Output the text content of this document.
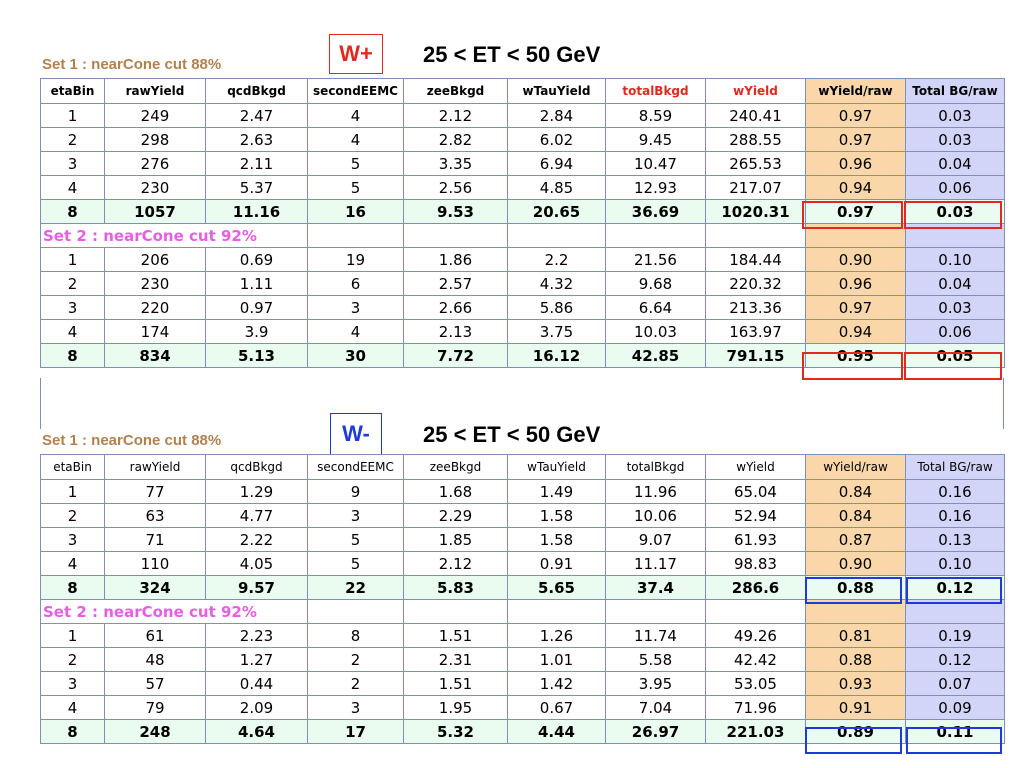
Set 1 : nearCone cut 88%	W+	25 < ET < 50 GeV
etaBin	rawYield	qcdBkgd	secondEEMC	zeeBkgd	wTauYield	totalBkgd	wYield	wYield/raw	Total BG/raw
1	249	2.47	4	2.12	2.84	8.59	240.41	0.97	0.03
2	298	2.63	4	2.82	6.02	9.45	288.55	0.97	0.03
3	276	2.11	5	3.35	6.94	10.47	265.53	0.96	0.04
4	230	5.37	5	2.56	4.85	12.93	217.07	0.94	0.06
8	1057	11.16	16	9.53	20.65	36.69	1020.31	0.97	0.03

Set 2 : nearCone cut 92%									

1	206	0.69	19	1.86	2.2	21.56	184.44	0.90	0.10
2	230	1.11	6	2.57	4.32	9.68	220.32	0.96	0.04
3	220	0.97	3	2.66	5.86	6.64	213.36	0.97	0.03
4	174	3.9	4	2.13	3.75	10.03	163.97	0.94	0.06
8	834	5.13	30	7.72	16.12	42.85	791.15	0.95	0.05
Set 1 : nearCone cut 88%	W-	25 < ET < 50 GeV
etaBin	rawYield	qcdBkgd	secondEEMC	zeeBkgd	wTauYield	totalBkgd	wYield	wYield/raw	Total BG/raw
1	77	1.29	9	1.68	1.49	11.96	65.04	0.84	0.16
2	63	4.77	3	2.29	1.58	10.06	52.94	0.84	0.16
3	71	2.22	5	1.85	1.58	9.07	61.93	0.87	0.13
4	110	4.05	5	2.12	0.91	11.17	98.83	0.90	0.10
8	324	9.57	22	5.83	5.65	37.4	286.6	0.88	0.12

Set 2 : nearCone cut 92%									

1	61	2.23	8	1.51	1.26	11.74	49.26	0.81	0.19
2	48	1.27	2	2.31	1.01	5.58	42.42	0.88	0.12
3	57	0.44	2	1.51	1.42	3.95	53.05	0.93	0.07
4	79	2.09	3	1.95	0.67	7.04	71.96	0.91	0.09
8	248	4.64	17	5.32	4.44	26.97	221.03	0.89	0.11
